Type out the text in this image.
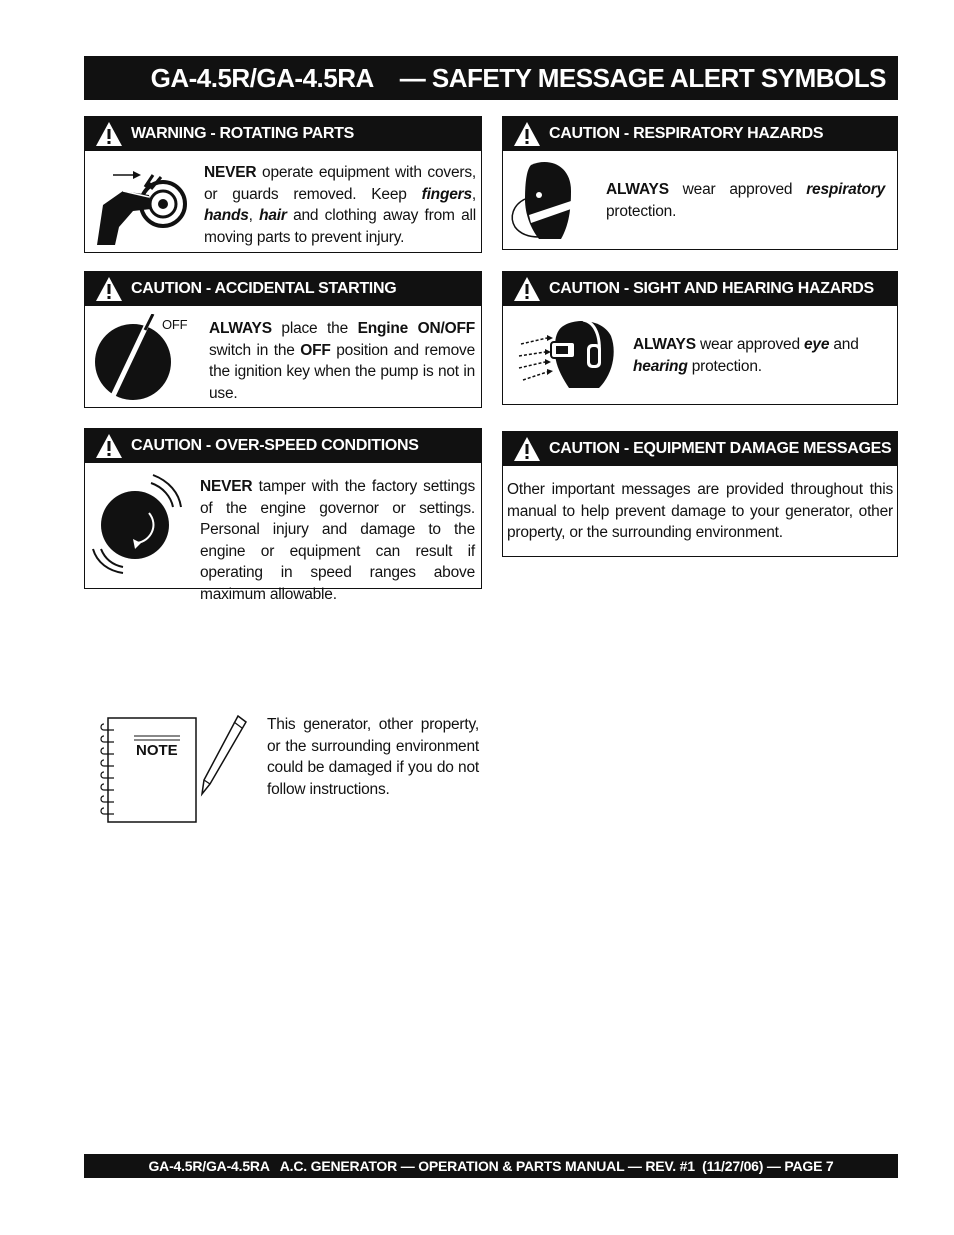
GA-4.5R/GA-4.5RA    — SAFETY MESSAGE ALERT SYMBOLS
WARNING - ROTATING PARTS
NEVER operate equipment with covers, or guards removed. Keep fingers, hands, hair and clothing away from all moving parts to prevent injury.
CAUTION - RESPIRATORY HAZARDS
ALWAYS wear approved respiratory protection.
CAUTION - ACCIDENTAL STARTING
OFF ALWAYS place the Engine ON/OFF switch in the OFF position and remove the ignition key when the pump is not in use.
CAUTION - SIGHT AND HEARING HAZARDS
ALWAYS wear approved eye and hearing protection.
CAUTION - OVER-SPEED CONDITIONS
NEVER tamper with the factory settings of the engine governor or settings. Personal injury and damage to the engine or equipment can result if operating in speed ranges above maximum allowable.
CAUTION - EQUIPMENT DAMAGE MESSAGES
Other important messages are provided throughout this manual to help prevent damage to your generator, other property, or the surrounding environment.
NOTE
This generator, other property, or the surrounding environment could be damaged if you do not follow instructions.
GA-4.5R/GA-4.5RA   A.C. GENERATOR — OPERATION & PARTS MANUAL — REV. #1  (11/27/06) — PAGE 7
